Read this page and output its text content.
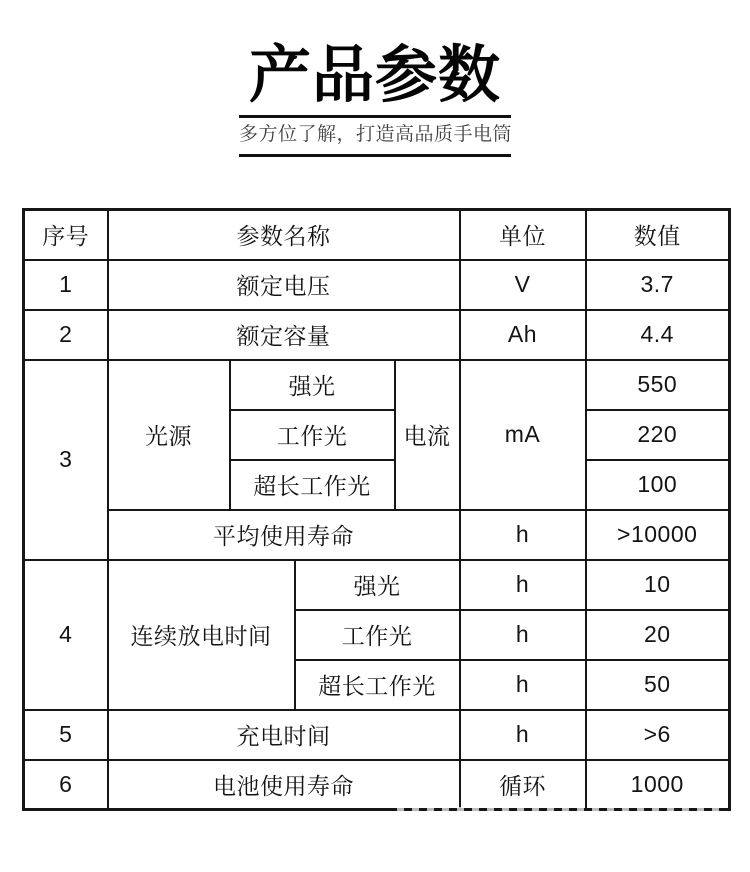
产品参数

多方位了解，打造高品质手电筒

序号	参数名称				单位	数值
1	额定电压				V	3.7
2	额定容量				Ah	4.4
3	光源	强光		电流	mA	550
		工作光				220
		超长工作光				100
	平均使用寿命				h	>10000
4	连续放电时间		强光		h	10
			工作光		h	20
			超长工作光		h	50
5	充电时间				h	>6
6	电池使用寿命				循环	1000
